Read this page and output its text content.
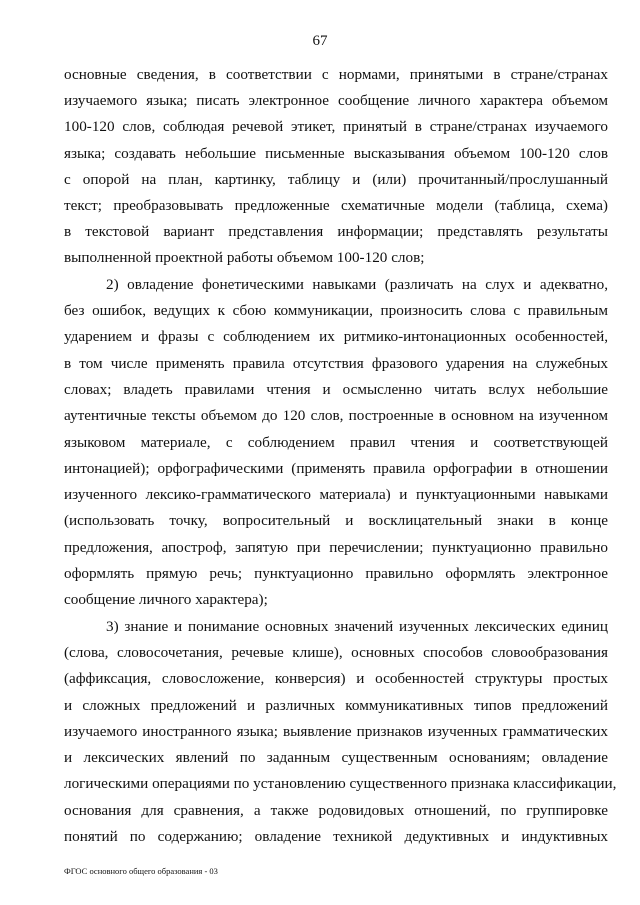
67
основные сведения, в соответствии с нормами, принятыми в стране/странах
изучаемого языка; писать электронное сообщение личного характера объемом
100-120 слов, соблюдая речевой этикет, принятый в стране/странах изучаемого
языка; создавать небольшие письменные высказывания объемом 100-120 слов
с опорой на план, картинку, таблицу и (или) прочитанный/прослушанный
текст; преобразовывать предложенные схематичные модели (таблица, схема)
в текстовой вариант представления информации; представлять результаты
выполненной проектной работы объемом 100-120 слов;
2) овладение фонетическими навыками (различать на слух и адекватно,
без ошибок, ведущих к сбою коммуникации, произносить слова с правильным
ударением и фразы с соблюдением их ритмико-интонационных особенностей,
в том числе применять правила отсутствия фразового ударения на служебных
словах; владеть правилами чтения и осмысленно читать вслух небольшие
аутентичные тексты объемом до 120 слов, построенные в основном на изученном
языковом материале, с соблюдением правил чтения и соответствующей
интонацией); орфографическими (применять правила орфографии в отношении
изученного лексико-грамматического материала) и пунктуационными навыками
(использовать точку, вопросительный и восклицательный знаки в конце
предложения, апостроф, запятую при перечислении; пунктуационно правильно
оформлять прямую речь; пунктуационно правильно оформлять электронное
сообщение личного характера);
3) знание и понимание основных значений изученных лексических единиц
(слова, словосочетания, речевые клише), основных способов словообразования
(аффиксация, словосложение, конверсия) и особенностей структуры простых
и сложных предложений и различных коммуникативных типов предложений
изучаемого иностранного языка; выявление признаков изученных грамматических
и лексических явлений по заданным существенным основаниям; овладение
логическими операциями по установлению существенного признака классификации,
основания для сравнения, а также родовидовых отношений, по группировке
понятий по содержанию; овладение техникой дедуктивных и индуктивных
ФГОС основного общего образования - 03
